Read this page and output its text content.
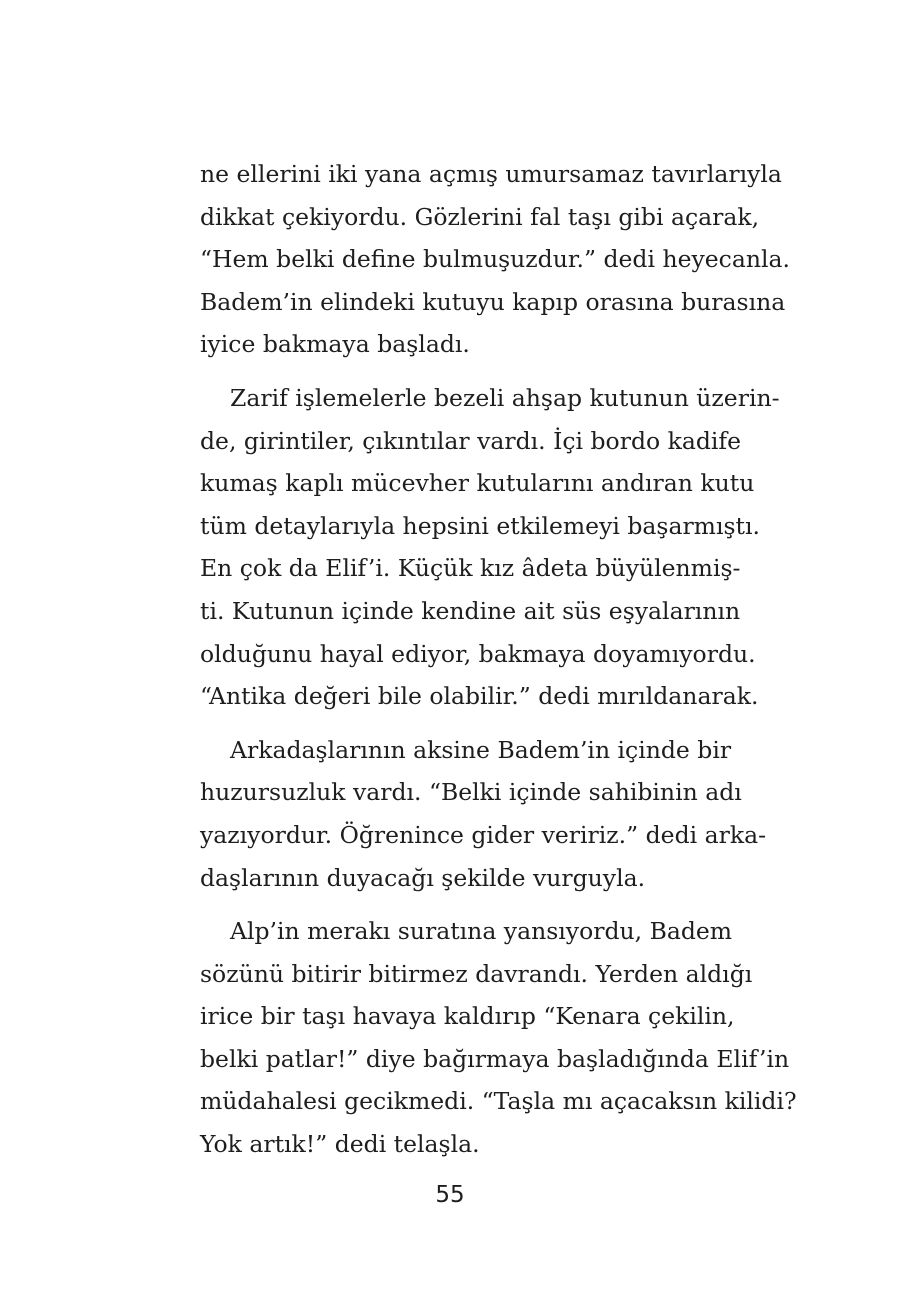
ne ellerini iki yana açmış umursamaz tavırlarıyla
dikkat çekiyordu. Gözlerini fal taşı gibi açarak,
“Hem belki define bulmuşuzdur.” dedi heyecanla.
Badem’in elindeki kutuyu kapıp orasına burasına
iyice bakmaya başladı.
Zarif işlemelerle bezeli ahşap kutunun üzerin-
de, girintiler, çıkıntılar vardı. İçi bordo kadife
kumaş kaplı mücevher kutularını andıran kutu
tüm detaylarıyla hepsini etkilemeyi başarmıştı.
En çok da Elif’i. Küçük kız âdeta büyülenmiş-
ti. Kutunun içinde kendine ait süs eşyalarının
olduğunu hayal ediyor, bakmaya doyamıyordu.
“Antika değeri bile olabilir.” dedi mırıldanarak.
Arkadaşlarının aksine Badem’in içinde bir
huzursuzluk vardı. “Belki içinde sahibinin adı
yazıyordur. Öğrenince gider veririz.” dedi arka-
daşlarının duyacağı şekilde vurguyla.
Alp’in merakı suratına yansıyordu, Badem
sözünü bitirir bitirmez davrandı. Yerden aldığı
irice bir taşı havaya kaldırıp “Kenara çekilin,
belki patlar!” diye bağırmaya başladığında Elif’in
müdahalesi gecikmedi. “Taşla mı açacaksın kilidi?
Yok artık!” dedi telaşla.
55
